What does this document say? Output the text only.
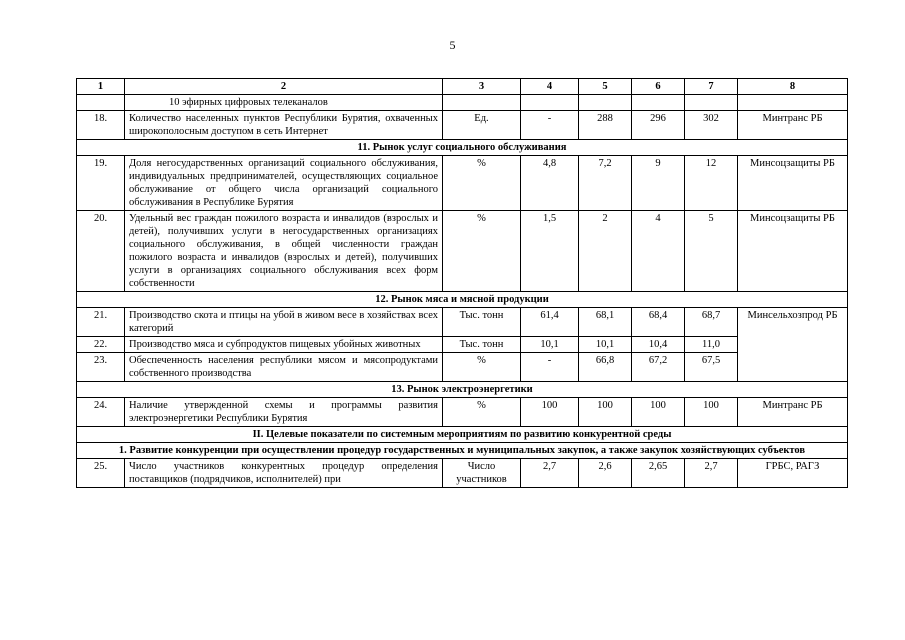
5
1	2	3	4	5	6	7	8
	10 эфирных цифровых телеканалов						
18.	Количество населенных пунктов Республики Бурятия, охваченных широкополосным доступом в сеть Интернет	Ед.	-	288	296	302	Минтранс РБ
11. Рынок услуг социального обслуживания							
19.	Доля негосударственных организаций социального обслуживания, индивидуальных предпринимателей, осуществляющих социальное обслуживание от общего числа организаций социального обслуживания в Республике Бурятия	%	4,8	7,2	9	12	Минсоцзащиты РБ
20.	Удельный вес граждан пожилого возраста и инвалидов (взрослых и детей), получивших услуги в негосударственных организациях социального обслуживания, в общей численности граждан пожилого возраста и инвалидов (взрослых и детей), получивших услуги в организациях социального обслуживания всех форм собственности	%	1,5	2	4	5	Минсоцзащиты РБ
12. Рынок мяса и мясной продукции							
21.	Производство скота и птицы на убой в живом весе в хозяйствах всех категорий	Тыс. тонн	61,4	68,1	68,4	68,7	Минсельхозпрод РБ
22.	Производство мяса и субпродуктов пищевых убойных животных	Тыс. тонн	10,1	10,1	10,4	11,0	
23.	Обеспеченность населения республики мясом и мясопродуктами собственного производства	%	-	66,8	67,2	67,5	
13. Рынок электроэнергетики							
24.	Наличие утвержденной схемы и программы развития электроэнергетики Республики Бурятия	%	100	100	100	100	Минтранс РБ
II. Целевые показатели по системным мероприятиям по развитию конкурентной среды							
1. Развитие конкуренции при осуществлении процедур государственных и муниципальных закупок, а также закупок хозяйствующих субъектов							
25.	Число участников конкурентных процедур определения поставщиков (подрядчиков, исполнителей) при	Число участников	2,7	2,6	2,65	2,7	ГРБС, РАГЗ
